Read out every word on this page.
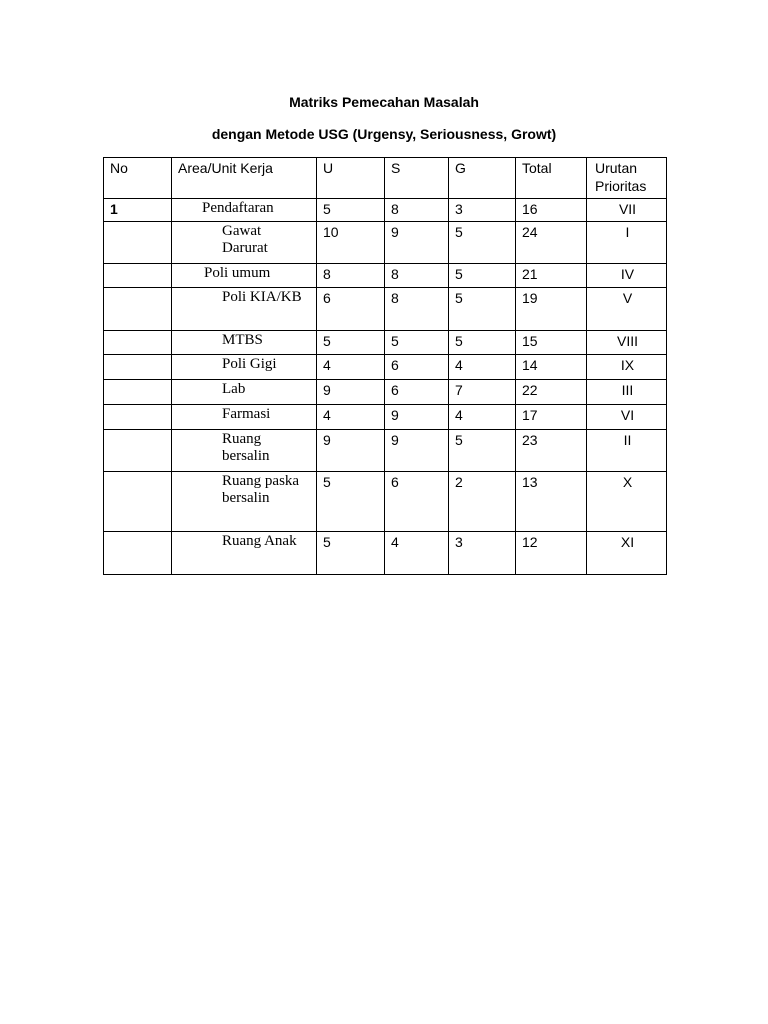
Matriks Pemecahan Masalah

dengan Metode USG (Urgensy, Seriousness, Growt)

No	Area/Unit Kerja	U	S	G	Total	Urutan Prioritas
1	Pendaftaran	5	8	3	16	VII
	Gawat Darurat	10	9	5	24	I
	Poli umum	8	8	5	21	IV
	Poli KIA/KB	6	8	5	19	V
	MTBS	5	5	5	15	VIII
	Poli Gigi	4	6	4	14	IX
	Lab	9	6	7	22	III
	Farmasi	4	9	4	17	VI
	Ruang bersalin	9	9	5	23	II
	Ruang paska bersalin	5	6	2	13	X
	Ruang Anak	5	4	3	12	XI
